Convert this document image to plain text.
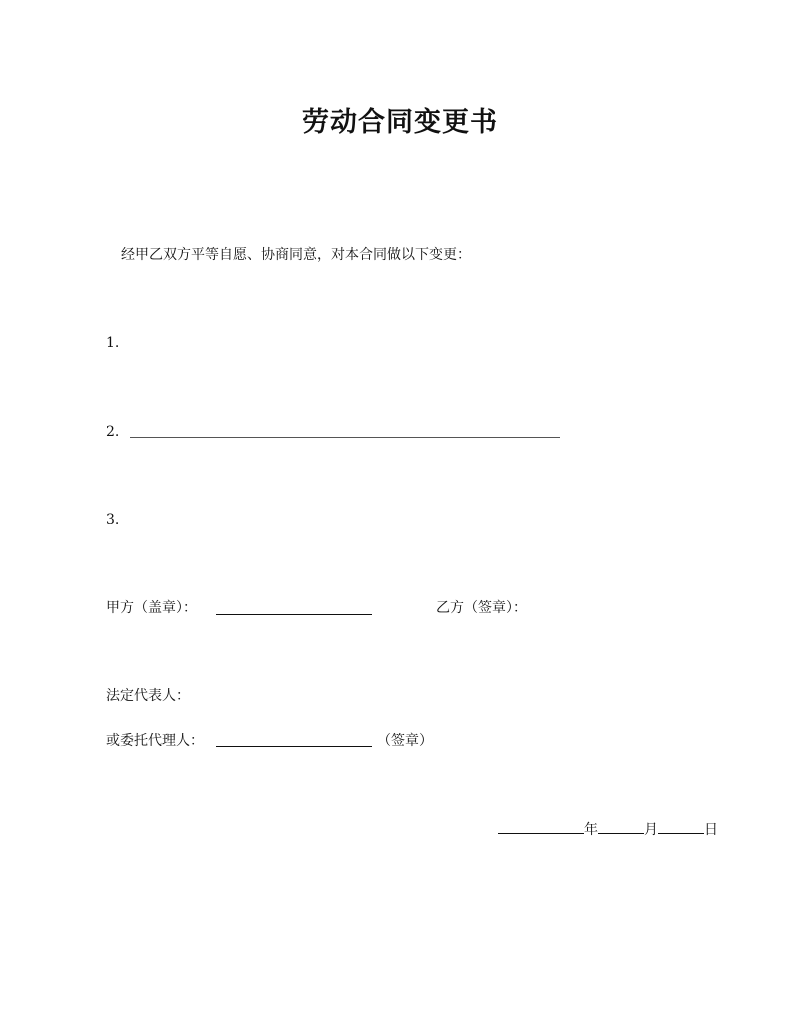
劳动合同变更书
经甲乙双方平等自愿、协商同意，对本合同做以下变更：
1.
2.
3.
甲方（盖章）：	乙方（签章）：
法定代表人：
或委托代理人：	（签章）
年	月	日
